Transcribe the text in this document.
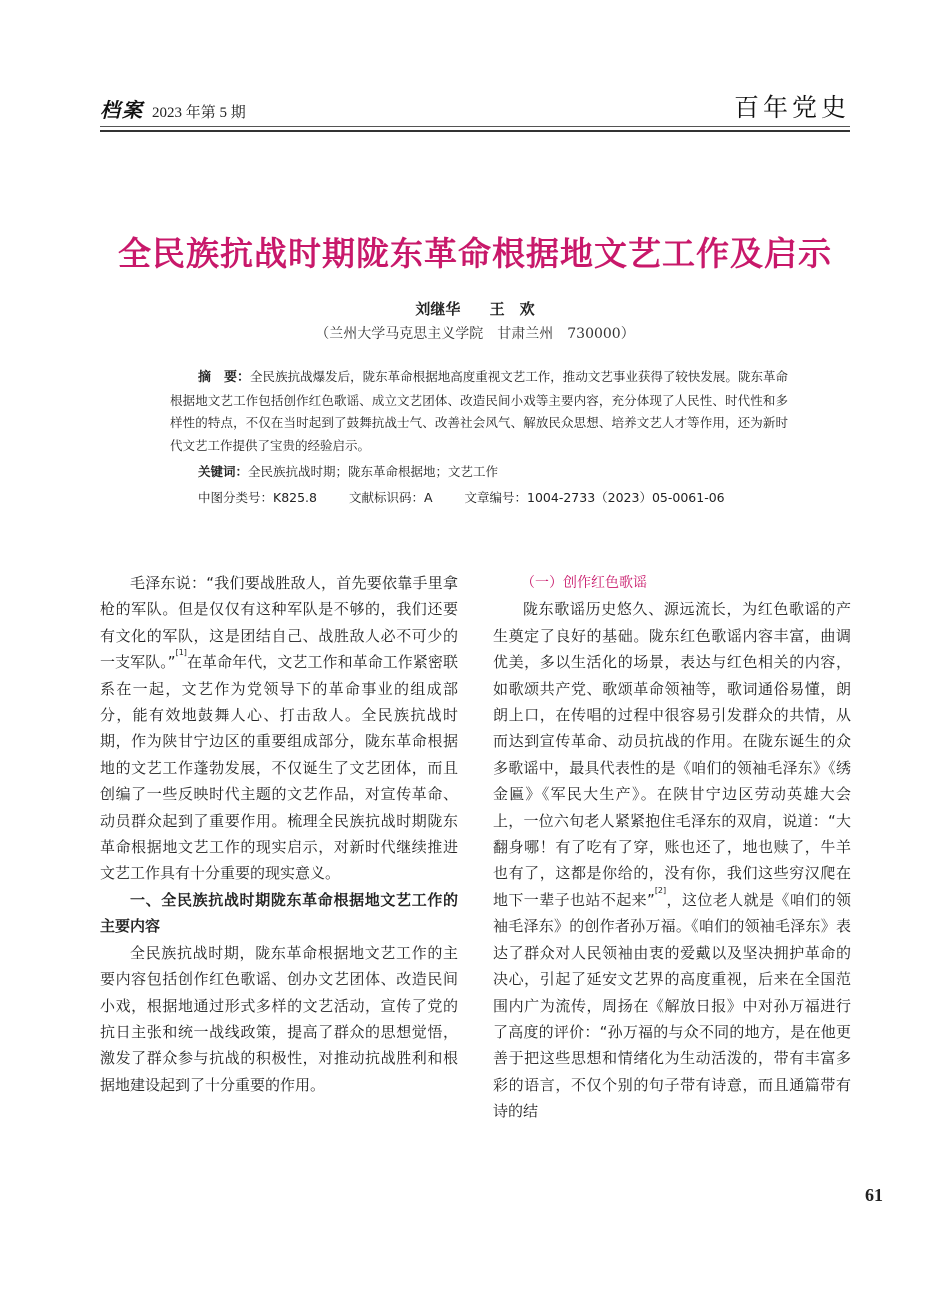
档案 2023 年第 5 期	百年党史
全民族抗战时期陇东革命根据地文艺工作及启示
刘继华 王　欢
（兰州大学马克思主义学院　甘肃兰州　730000）
摘　要：全民族抗战爆发后，陇东革命根据地高度重视文艺工作，推动文艺事业获得了较快发展。陇东革命根据地文艺工作包括创作红色歌谣、成立文艺团体、改造民间小戏等主要内容，充分体现了人民性、时代性和多样性的特点，不仅在当时起到了鼓舞抗战士气、改善社会风气、解放民众思想、培养文艺人才等作用，还为新时代文艺工作提供了宝贵的经验启示。
关键词：全民族抗战时期；陇东革命根据地；文艺工作
中图分类号：K825.8	文献标识码：A	文章编号：1004-2733（2023）05-0061-06

毛泽东说：“我们要战胜敌人，首先要依靠手里拿枪的军队。但是仅仅有这种军队是不够的，我们还要有文化的军队，这是团结自己、战胜敌人必不可少的一支军队。”[1]在革命年代，文艺工作和革命工作紧密联系在一起，文艺作为党领导下的革命事业的组成部分，能有效地鼓舞人心、打击敌人。全民族抗战时期，作为陕甘宁边区的重要组成部分，陇东革命根据地的文艺工作蓬勃发展，不仅诞生了文艺团体，而且创编了一些反映时代主题的文艺作品，对宣传革命、动员群众起到了重要作用。梳理全民族抗战时期陇东革命根据地文艺工作的现实启示，对新时代继续推进文艺工作具有十分重要的现实意义。

一、全民族抗战时期陇东革命根据地文艺工作的主要内容

全民族抗战时期，陇东革命根据地文艺工作的主要内容包括创作红色歌谣、创办文艺团体、改造民间小戏，根据地通过形式多样的文艺活动，宣传了党的抗日主张和统一战线政策，提高了群众的思想觉悟，激发了群众参与抗战的积极性，对推动抗战胜利和根据地建设起到了十分重要的作用。

（一）创作红色歌谣

陇东歌谣历史悠久、源远流长，为红色歌谣的产生奠定了良好的基础。陇东红色歌谣内容丰富，曲调优美，多以生活化的场景，表达与红色相关的内容，如歌颂共产党、歌颂革命领袖等，歌词通俗易懂，朗朗上口，在传唱的过程中很容易引发群众的共情，从而达到宣传革命、动员抗战的作用。在陇东诞生的众多歌谣中，最具代表性的是《咱们的领袖毛泽东》《绣金匾》《军民大生产》。在陕甘宁边区劳动英雄大会上，一位六旬老人紧紧抱住毛泽东的双肩，说道：“大翻身哪！有了吃有了穿，账也还了，地也赎了，牛羊也有了，这都是你给的，没有你，我们这些穷汉爬在地下一辈子也站不起来”[2]，这位老人就是《咱们的领袖毛泽东》的创作者孙万福。《咱们的领袖毛泽东》表达了群众对人民领袖由衷的爱戴以及坚决拥护革命的决心，引起了延安文艺界的高度重视，后来在全国范围内广为流传，周扬在《解放日报》中对孙万福进行了高度的评价：“孙万福的与众不同的地方，是在他更善于把这些思想和情绪化为生动活泼的，带有丰富多彩的语言，不仅个别的句子带有诗意，而且通篇带有诗的结

61
